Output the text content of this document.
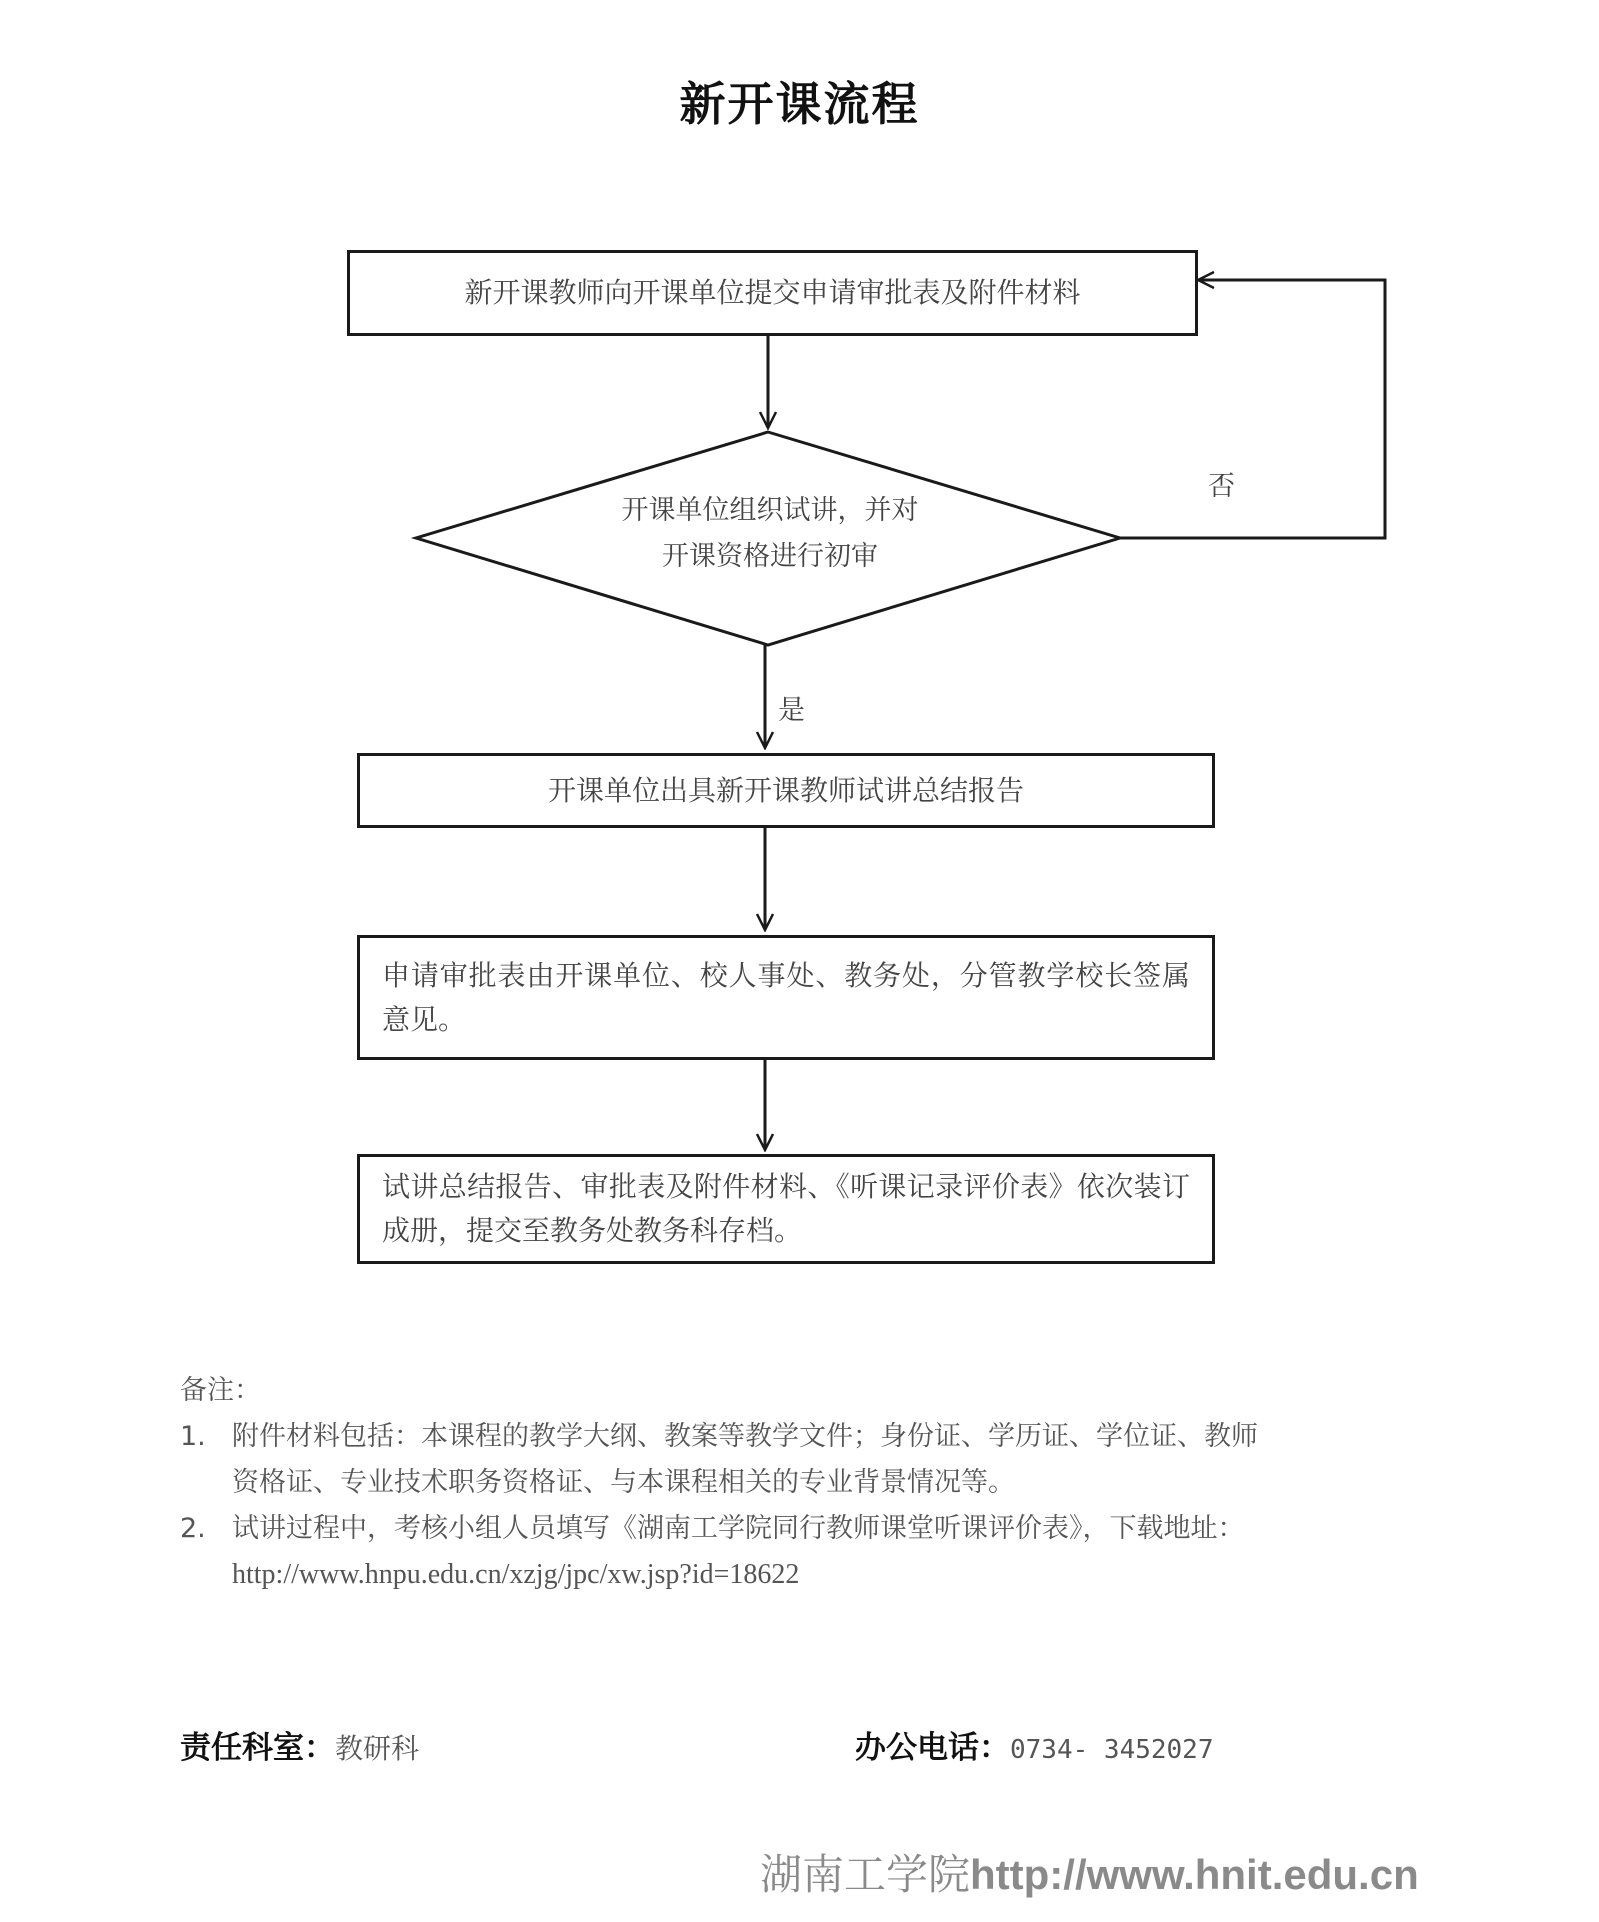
新开课流程
新开课教师向开课单位提交申请审批表及附件材料
开课单位组织试讲，并对
开课资格进行初审
否
是
开课单位出具新开课教师试讲总结报告
申请审批表由开课单位、校人事处、教务处，分管教学校长签属意见。
试讲总结报告、审批表及附件材料、《听课记录评价表》依次装订成册，提交至教务处教务科存档。
备注：
1. 附件材料包括：本课程的教学大纲、教案等教学文件；身份证、学历证、学位证、教师
资格证、专业技术职务资格证、与本课程相关的专业背景情况等。
2. 试讲过程中，考核小组人员填写《湖南工学院同行教师课堂听课评价表》，下载地址：
http://www.hnpu.edu.cn/xzjg/jpc/xw.jsp?id=18622
责任科室：教研科	办公电话：0734- 3452027
湖南工学院http://www.hnit.edu.cn
